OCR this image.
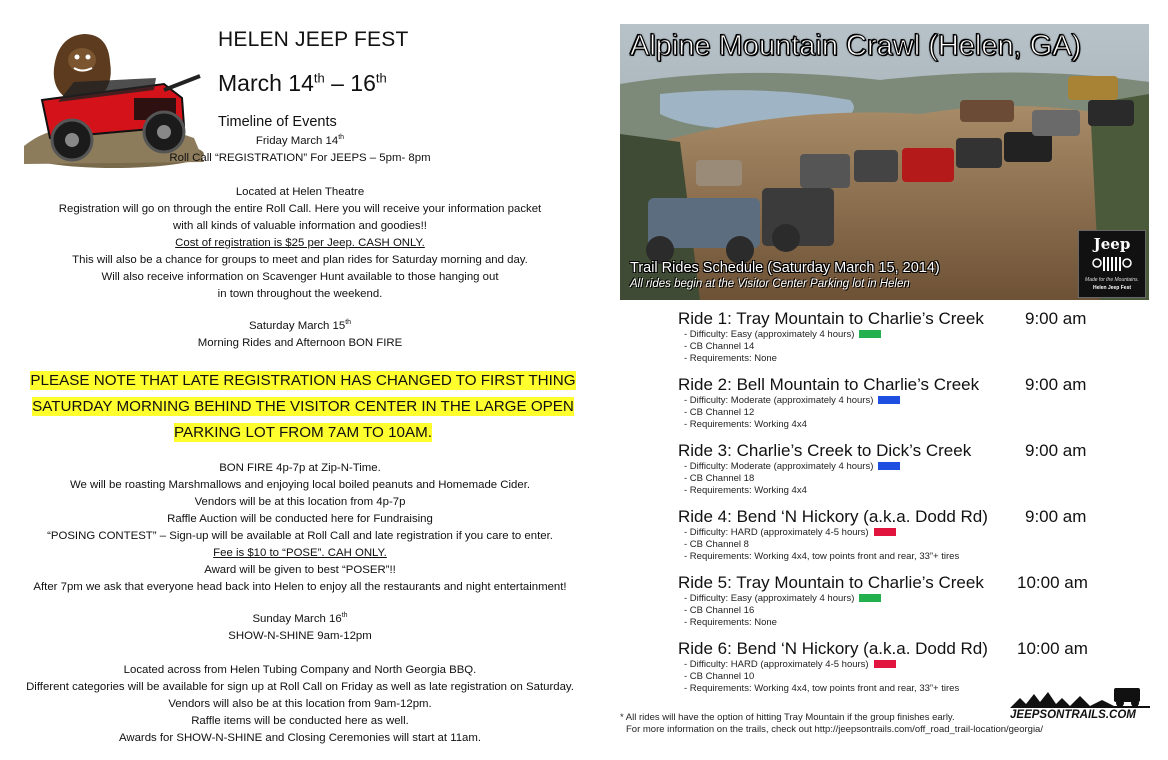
HELEN JEEP FEST
March 14th – 16th
Timeline of Events
Friday March 14th
Roll Call “REGISTRATION” For JEEPS – 5pm- 8pm
Located at Helen Theatre
Registration will go on through the entire Roll Call. Here you will receive your information packet
with all kinds of valuable information and goodies!!
Cost of registration is $25 per Jeep. CASH ONLY.
This will also be a chance for groups to meet and plan rides for Saturday morning and day.
Will also receive information on Scavenger Hunt available to those hanging out
in town throughout the weekend.
Saturday March 15th
Morning Rides and Afternoon BON FIRE
PLEASE NOTE THAT LATE REGISTRATION HAS CHANGED TO FIRST THING
SATURDAY MORNING BEHIND THE VISITOR CENTER IN THE LARGE OPEN
PARKING LOT FROM 7AM TO 10AM.
BON FIRE 4p-7p at Zip-N-Time.
We will be roasting Marshmallows and enjoying local boiled peanuts and Homemade Cider.
Vendors will be at this location from 4p-7p
Raffle Auction will be conducted here for Fundraising
“POSING CONTEST” – Sign-up will be available at Roll Call and late registration if you care to enter.
Fee is $10 to “POSE”. CAH ONLY.
Award will be given to best “POSER”!!
After 7pm we ask that everyone head back into Helen to enjoy all the restaurants and night entertainment!
Sunday March 16th
SHOW-N-SHINE 9am-12pm
Located across from Helen Tubing Company and North Georgia BBQ.
Different categories will be available for sign up at Roll Call on Friday as well as late registration on Saturday.
Vendors will also be at this location from 9am-12pm.
Raffle items will be conducted here as well.
Awards for SHOW-N-SHINE and Closing Ceremonies will start at 11am.
Alpine Mountain Crawl (Helen, GA)
Trail Rides Schedule (Saturday March 15, 2014)
All rides begin at the Visitor Center Parking lot in Helen
Jeep
Made for the Mountains.
Helen Jeep Fest
Ride 1: Tray Mountain to Charlie’s Creek	9:00 am
- Difficulty: Easy (approximately 4 hours)
- CB Channel 14
- Requirements: None
Ride 2: Bell Mountain to Charlie’s Creek	9:00 am
- Difficulty: Moderate (approximately 4 hours)
- CB Channel 12
- Requirements: Working 4x4
Ride 3: Charlie’s Creek to Dick’s Creek	9:00 am
- Difficulty: Moderate (approximately 4 hours)
- CB Channel 18
- Requirements: Working 4x4
Ride 4: Bend ‘N Hickory (a.k.a. Dodd Rd)	9:00 am
- Difficulty: HARD (approximately 4-5 hours)
- CB Channel 8
- Requirements: Working 4x4, tow points front and rear, 33”+ tires
Ride 5: Tray Mountain to Charlie’s Creek	10:00 am
- Difficulty: Easy (approximately 4 hours)
- CB Channel 16
- Requirements: None
Ride 6: Bend ‘N Hickory (a.k.a. Dodd Rd)	10:00 am
- Difficulty: HARD (approximately 4-5 hours)
- CB Channel 10
- Requirements: Working 4x4, tow points front and rear, 33”+ tires
JEEPSONTRAILS.COM
* All rides will have the option of hitting Tray Mountain if the group finishes early.
For more information on the trails, check out http://jeepsontrails.com/off_road_trail-location/georgia/
